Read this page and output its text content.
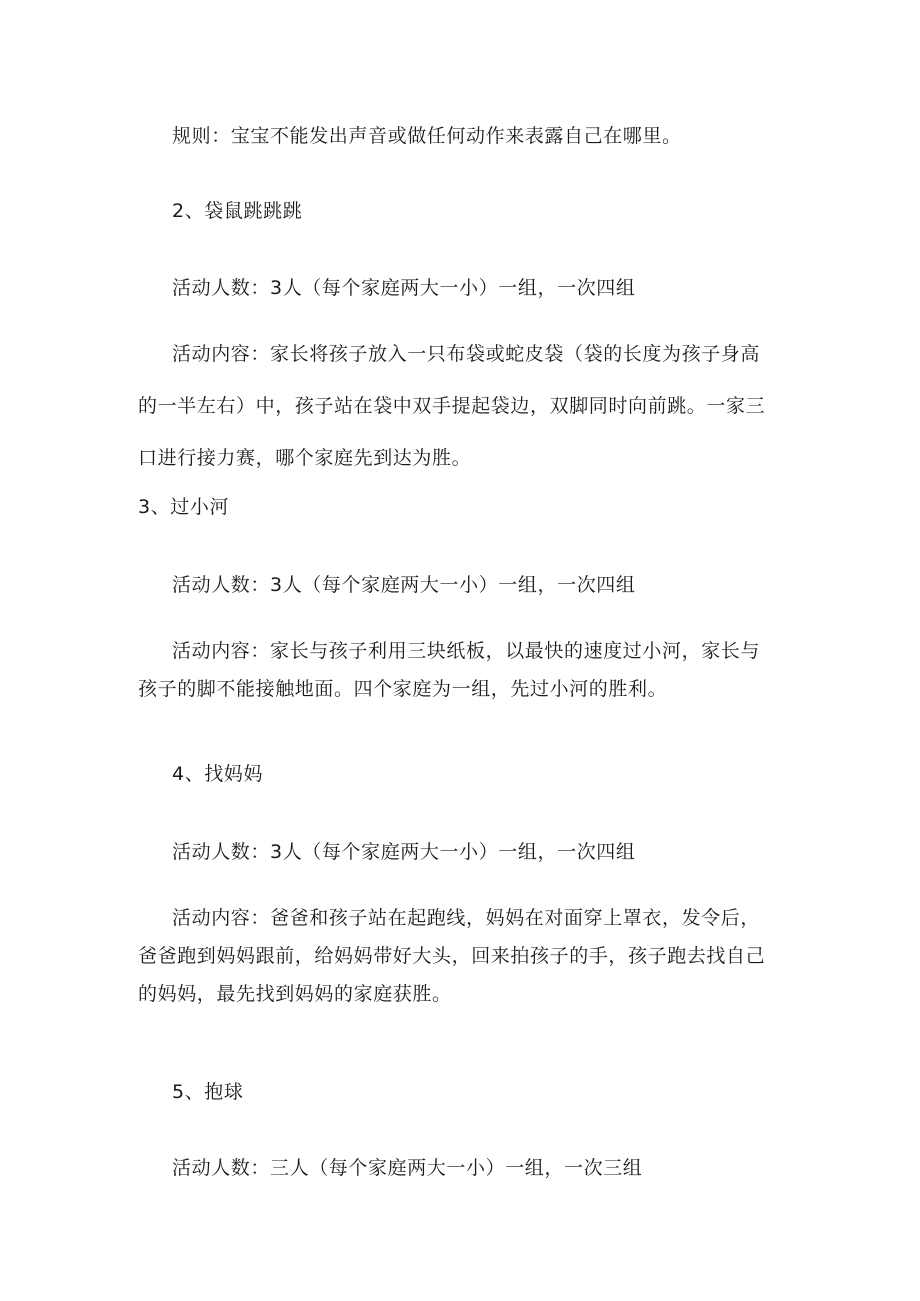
规则：宝宝不能发出声音或做任何动作来表露自己在哪里。
2、袋鼠跳跳跳
活动人数：3人（每个家庭两大一小）一组，一次四组
活动内容：家长将孩子放入一只布袋或蛇皮袋（袋的长度为孩子身高
的一半左右）中，孩子站在袋中双手提起袋边，双脚同时向前跳。一家三
口进行接力赛，哪个家庭先到达为胜。
3、过小河
活动人数：3人（每个家庭两大一小）一组，一次四组
活动内容：家长与孩子利用三块纸板，以最快的速度过小河，家长与
孩子的脚不能接触地面。四个家庭为一组，先过小河的胜利。
4、找妈妈
活动人数：3人（每个家庭两大一小）一组，一次四组
活动内容：爸爸和孩子站在起跑线，妈妈在对面穿上罩衣，发令后，
爸爸跑到妈妈跟前，给妈妈带好大头，回来拍孩子的手，孩子跑去找自己
的妈妈，最先找到妈妈的家庭获胜。
5、抱球
活动人数：三人（每个家庭两大一小）一组，一次三组
